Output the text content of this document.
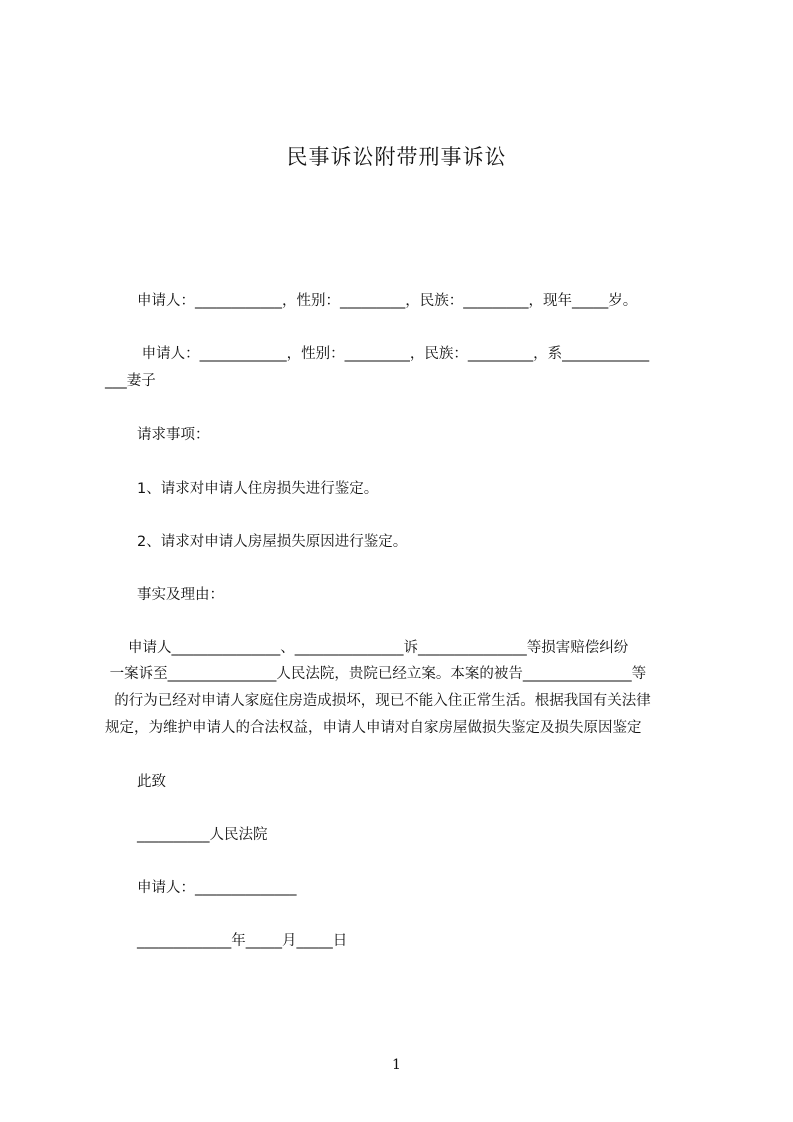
民事诉讼附带刑事诉讼
申请人：____________，性别：_________，民族：_________，现年_____岁。
申请人：____________，性别：_________，民族：_________，系____________
___妻子
请求事项：
1、请求对申请人住房损失进行鉴定。
2、请求对申请人房屋损失原因进行鉴定。
事实及理由：
申请人_______________、_______________诉_______________等损害赔偿纠纷
一案诉至_______________人民法院，贵院已经立案。本案的被告_______________等
的行为已经对申请人家庭住房造成损坏，现已不能入住正常生活。根据我国有关法律
规定，为维护申请人的合法权益，申请人申请对自家房屋做损失鉴定及损失原因鉴定
此致
__________人民法院
申请人：______________
_____________年_____月_____日
1
